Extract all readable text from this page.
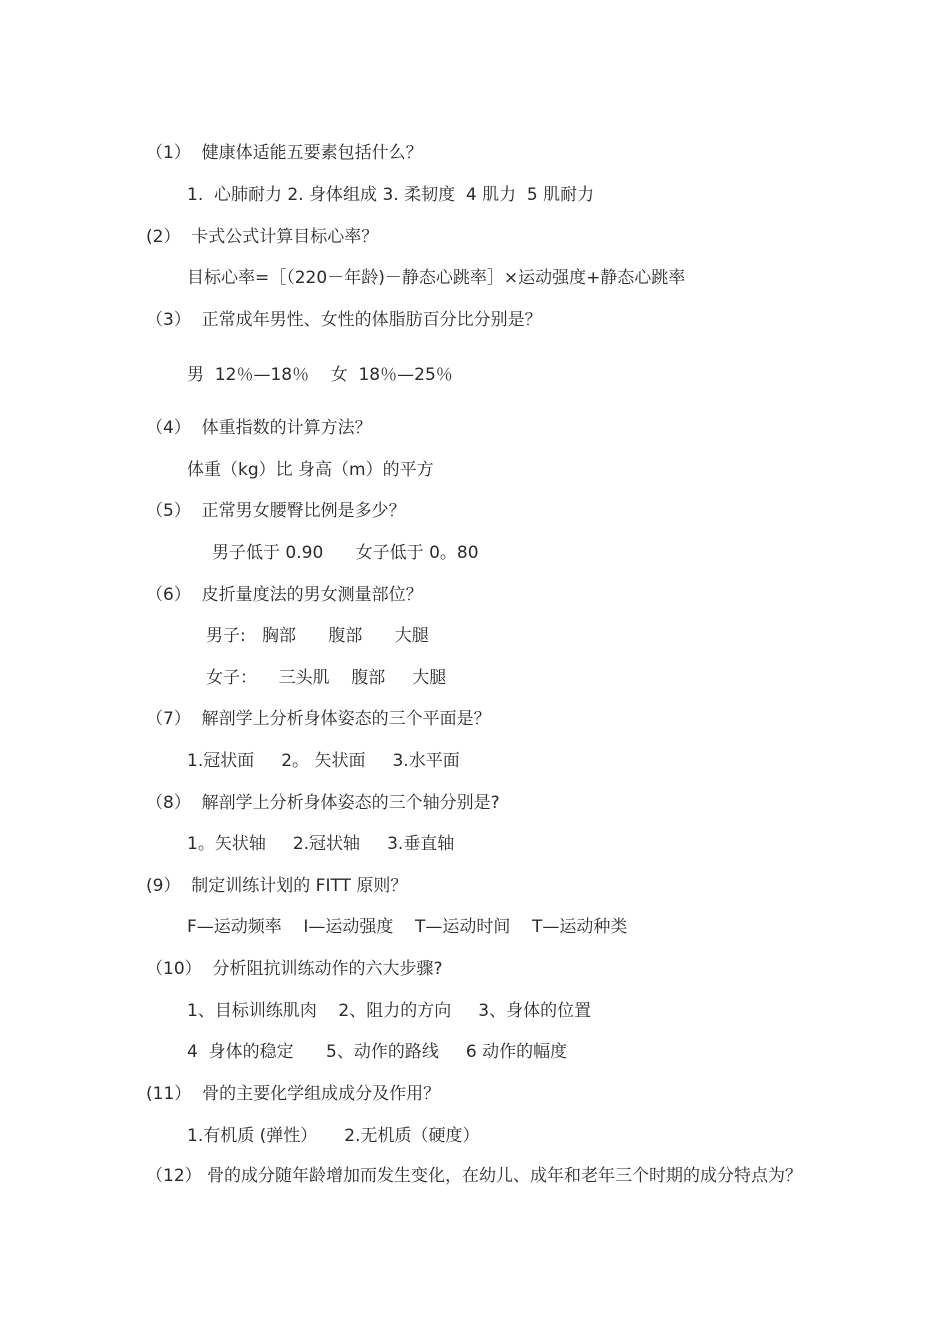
（1）  健康体适能五要素包括什么？
1.  心肺耐力 2. 身体组成 3. 柔韧度  4 肌力  5 肌耐力
(2）  卡式公式计算目标心率？
目标心率=［（220－年龄)－静态心跳率］×运动强度+静态心跳率
（3）  正常成年男性、女性的体脂肪百分比分别是？
男  12％—18％    女  18％—25％
（4）  体重指数的计算方法？
体重（kg）比 身高（m）的平方
（5）  正常男女腰臀比例是多少？
男子低于 0.90      女子低于 0。80
（6）  皮折量度法的男女测量部位？
男子:   胸部      腹部      大腿
女子：    三头肌    腹部     大腿
（7）  解剖学上分析身体姿态的三个平面是？
1.冠状面     2。 矢状面     3.水平面
（8）  解剖学上分析身体姿态的三个轴分别是?
1。矢状轴     2.冠状轴     3.垂直轴
(9）  制定训练计划的 FITT 原则？
F—运动频率    I—运动强度    T—运动时间    T—运动种类
（10）  分析阻抗训练动作的六大步骤?
1、目标训练肌肉    2、阻力的方向     3、身体的位置
4  身体的稳定      5、动作的路线     6 动作的幅度
(11）  骨的主要化学组成成分及作用？
1.有机质 (弹性）     2.无机质（硬度）
（12） 骨的成分随年龄增加而发生变化，在幼儿、成年和老年三个时期的成分特点为？
